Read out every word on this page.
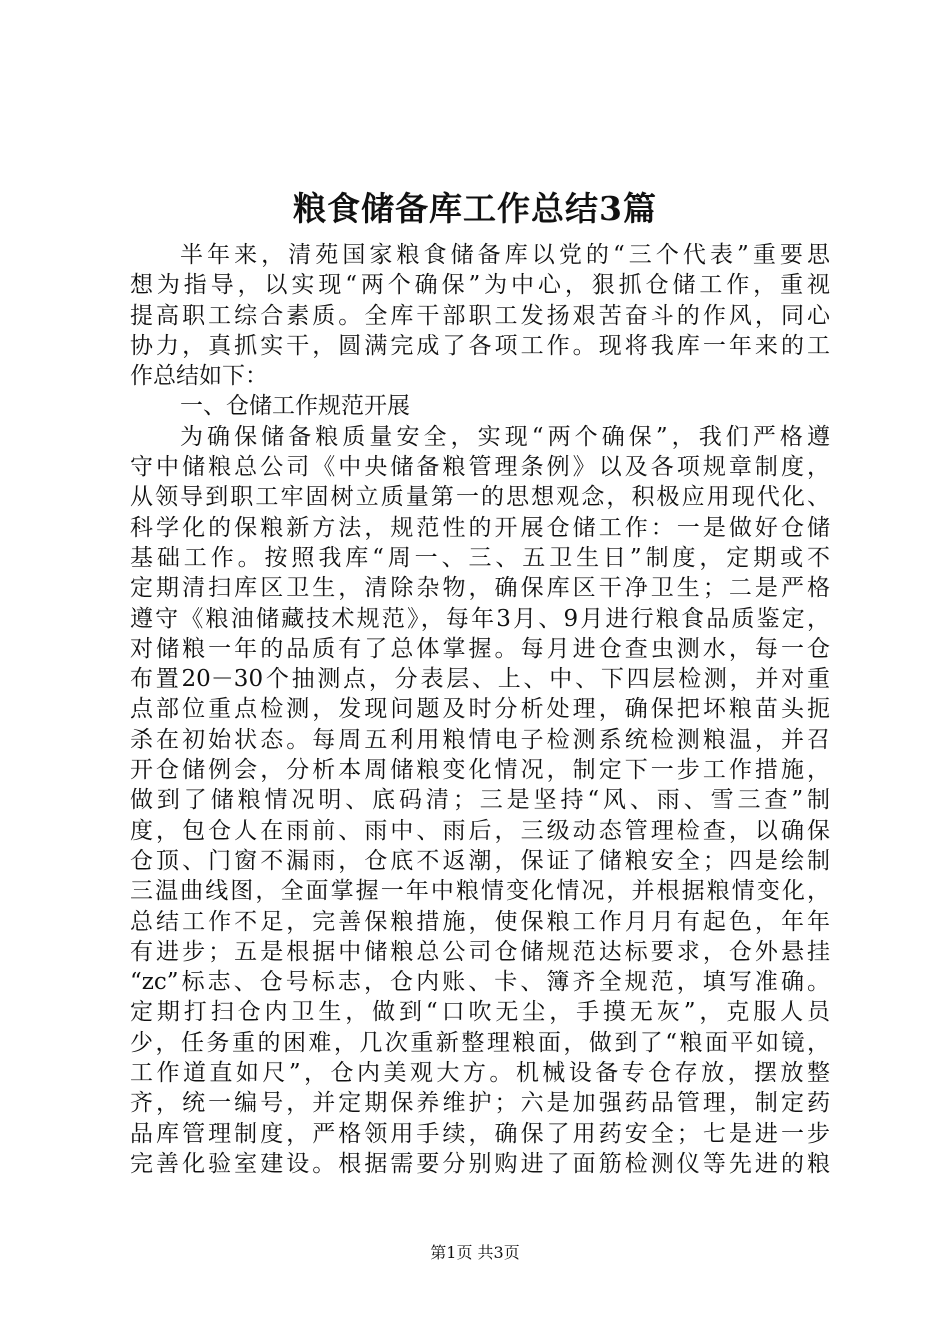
粮食储备库工作总结3篇
半年来，清苑国家粮食储备库以党的“三个代表”重要思
想为指导，以实现“两个确保”为中心，狠抓仓储工作，重视
提高职工综合素质。全库干部职工发扬艰苦奋斗的作风，同心
协力，真抓实干，圆满完成了各项工作。现将我库一年来的工
作总结如下：
一、仓储工作规范开展
为确保储备粮质量安全，实现“两个确保”，我们严格遵
守中储粮总公司《中央储备粮管理条例》以及各项规章制度，
从领导到职工牢固树立质量第一的思想观念，积极应用现代化、
科学化的保粮新方法，规范性的开展仓储工作：一是做好仓储
基础工作。按照我库“周一、三、五卫生日”制度，定期或不
定期清扫库区卫生，清除杂物，确保库区干净卫生；二是严格
遵守《粮油储藏技术规范》，每年3月、9月进行粮食品质鉴定，
对储粮一年的品质有了总体掌握。每月进仓查虫测水，每一仓
布置20－30个抽测点，分表层、上、中、下四层检测，并对重
点部位重点检测，发现问题及时分析处理，确保把坏粮苗头扼
杀在初始状态。每周五利用粮情电子检测系统检测粮温，并召
开仓储例会，分析本周储粮变化情况，制定下一步工作措施，
做到了储粮情况明、底码清；三是坚持“风、雨、雪三查”制
度，包仓人在雨前、雨中、雨后，三级动态管理检查，以确保
仓顶、门窗不漏雨，仓底不返潮，保证了储粮安全；四是绘制
三温曲线图，全面掌握一年中粮情变化情况，并根据粮情变化，
总结工作不足，完善保粮措施，使保粮工作月月有起色，年年
有进步；五是根据中储粮总公司仓储规范达标要求，仓外悬挂
“zc”标志、仓号标志，仓内账、卡、簿齐全规范，填写准确。
定期打扫仓内卫生，做到“口吹无尘，手摸无灰”，克服人员
少，任务重的困难，几次重新整理粮面，做到了“粮面平如镜，
工作道直如尺”，仓内美观大方。机械设备专仓存放，摆放整
齐，统一编号，并定期保养维护；六是加强药品管理，制定药
品库管理制度，严格领用手续，确保了用药安全；七是进一步
完善化验室建设。根据需要分别购进了面筋检测仪等先进的粮
第1页 共3页
